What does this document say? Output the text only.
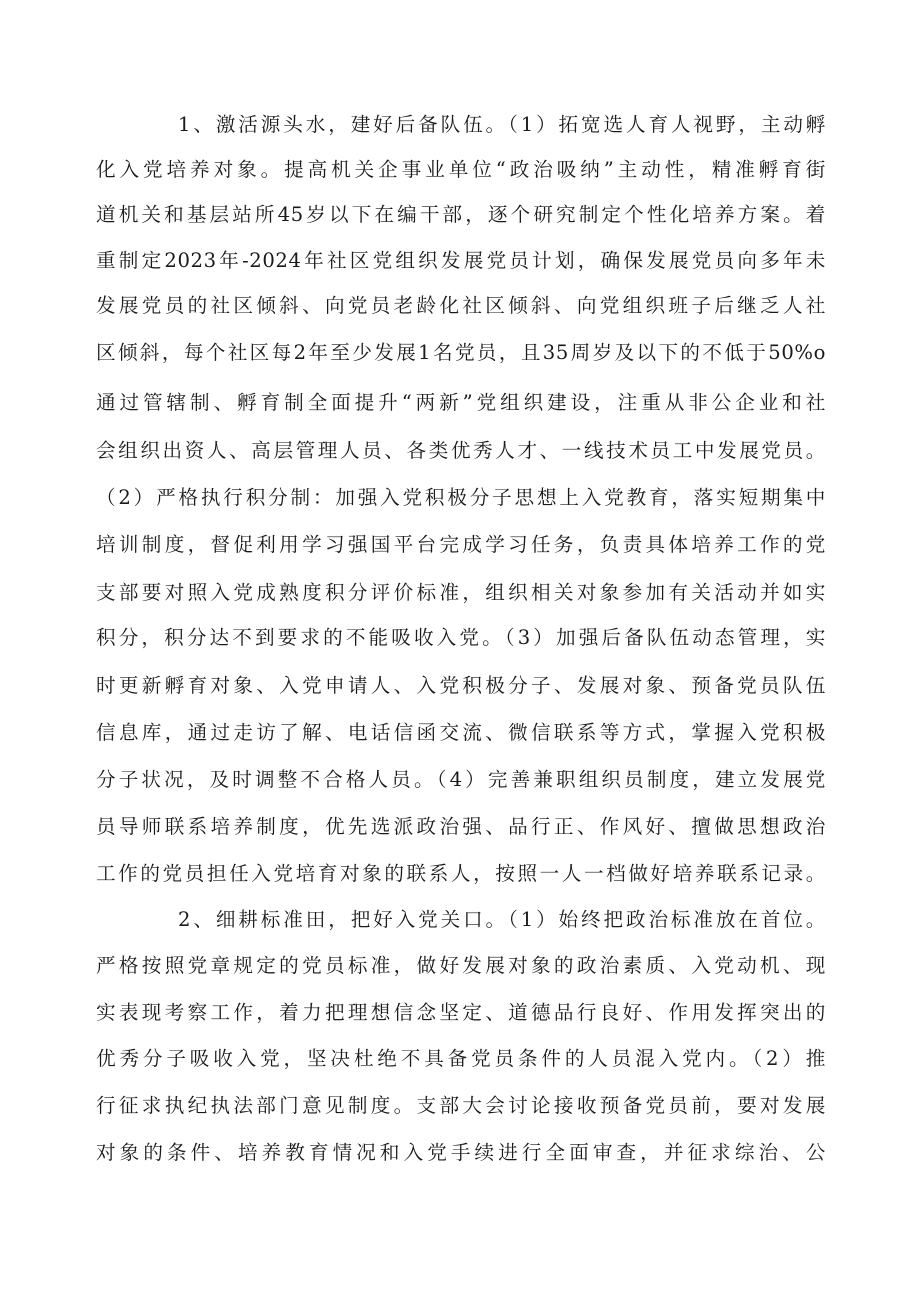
1、激活源头水，建好后备队伍。（1）拓宽选人育人视野，主动孵
化入党培养对象。提高机关企事业单位“政治吸纳”主动性，精准孵育街
道机关和基层站所45岁以下在编干部，逐个研究制定个性化培养方案。着
重制定2023年-2024年社区党组织发展党员计划，确保发展党员向多年未
发展党员的社区倾斜、向党员老龄化社区倾斜、向党组织班子后继乏人社
区倾斜，每个社区每2年至少发展1名党员，且35周岁及以下的不低于50%o
通过管辖制、孵育制全面提升“两新”党组织建设，注重从非公企业和社
会组织出资人、高层管理人员、各类优秀人才、一线技术员工中发展党员。
（2）严格执行积分制：加强入党积极分子思想上入党教育，落实短期集中
培训制度，督促利用学习强国平台完成学习任务，负责具体培养工作的党
支部要对照入党成熟度积分评价标准，组织相关对象参加有关活动并如实
积分，积分达不到要求的不能吸收入党。（3）加强后备队伍动态管理，实
时更新孵育对象、入党申请人、入党积极分子、发展对象、预备党员队伍
信息库，通过走访了解、电话信函交流、微信联系等方式，掌握入党积极
分子状况，及时调整不合格人员。（4）完善兼职组织员制度，建立发展党
员导师联系培养制度，优先选派政治强、品行正、作风好、擅做思想政治
工作的党员担任入党培育对象的联系人，按照一人一档做好培养联系记录。
2、细耕标准田，把好入党关口。（1）始终把政治标准放在首位。
严格按照党章规定的党员标准，做好发展对象的政治素质、入党动机、现
实表现考察工作，着力把理想信念坚定、道德品行良好、作用发挥突出的
优秀分子吸收入党，坚决杜绝不具备党员条件的人员混入党内。（2）推
行征求执纪执法部门意见制度。支部大会讨论接收预备党员前，要对发展
对象的条件、培养教育情况和入党手续进行全面审查，并征求综治、公
